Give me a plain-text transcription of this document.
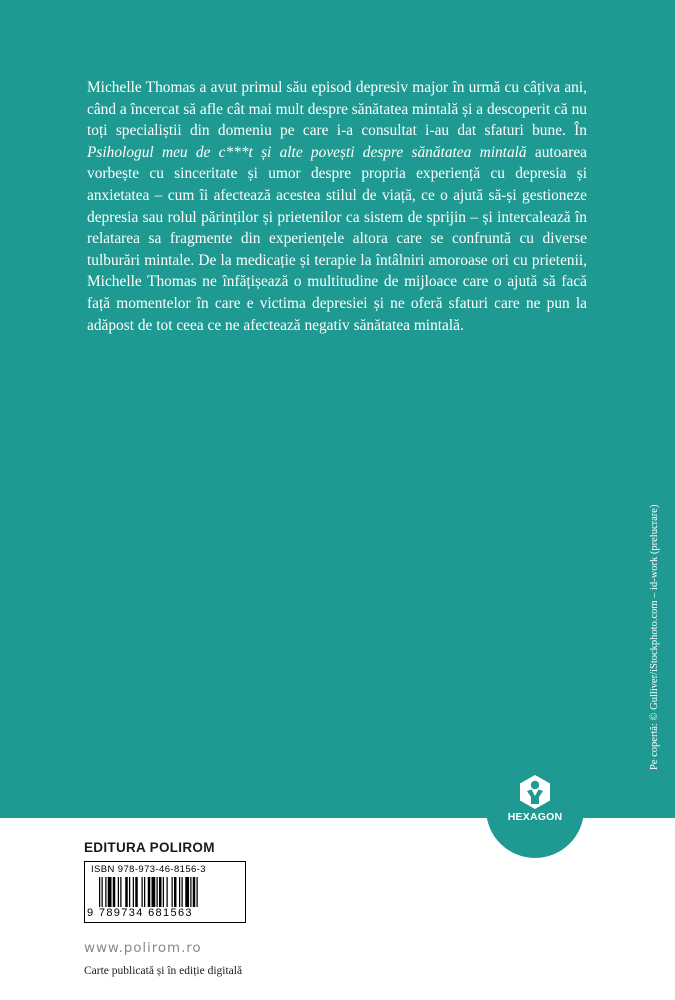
Michelle Thomas a avut primul său episod depresiv major în urmă cu câțiva ani, când a încercat să afle cât mai mult despre sănătatea mintală și a descoperit că nu toți specialiștii din domeniu pe care i-a consultat i-au dat sfaturi bune. În Psihologul meu de c***t și alte povești despre sănătatea mintală autoarea vorbește cu sinceritate și umor despre propria experiență cu depresia și anxietatea – cum îi afectează acestea stilul de viață, ce o ajută să-și gestioneze depresia sau rolul părinților și prietenilor ca sistem de sprijin – și intercalează în relatarea sa fragmente din experiențele altora care se confruntă cu diverse tulburări mintale. De la medicație și terapie la întâlniri amoroase ori cu prietenii, Michelle Thomas ne înfățișează o multitudine de mijloace care o ajută să facă față momentelor în care e victima depresiei și ne oferă sfaturi care ne pun la adăpost de tot ceea ce ne afectează negativ sănătatea mintală.

Pe copertă: © Gulliver/iStockphoto.com – id-work (prelucrare)
HEXAGON
EDITURA POLIROM
ISBN 978-973-46-8156-3
9 789734 681563
www.polirom.ro
Carte publicată și în ediție digitală
